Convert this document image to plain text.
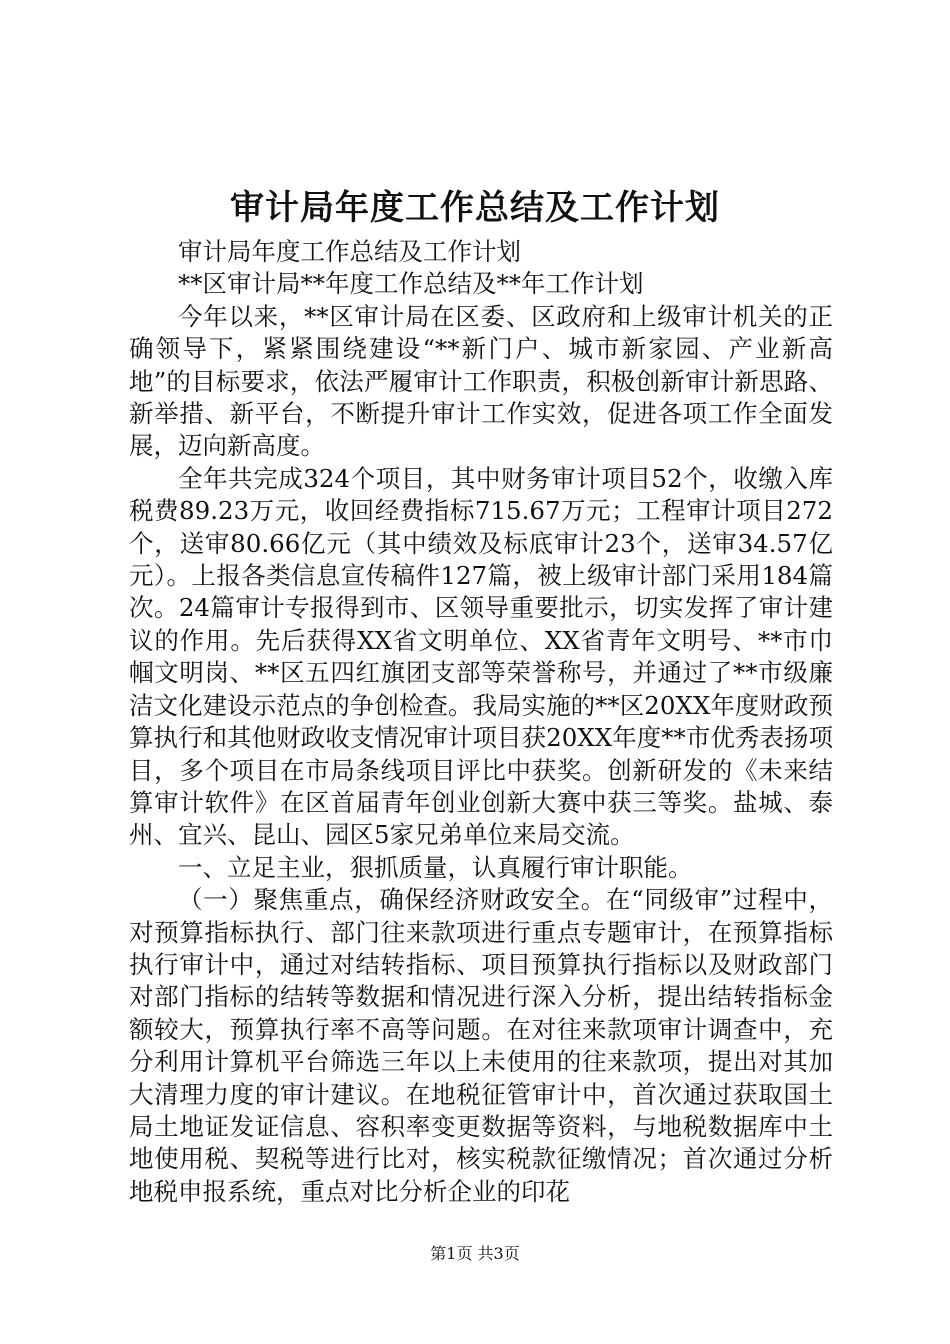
审计局年度工作总结及工作计划

审计局年度工作总结及工作计划

**区审计局**年度工作总结及**年工作计划

今年以来，**区审计局在区委、区政府和上级审计机关的正确领导下，紧紧围绕建设“**新门户、城市新家园、产业新高地”的目标要求，依法严履审计工作职责，积极创新审计新思路、新举措、新平台，不断提升审计工作实效，促进各项工作全面发展，迈向新高度。

全年共完成324个项目，其中财务审计项目52个，收缴入库税费89.23万元，收回经费指标715.67万元；工程审计项目272个，送审80.66亿元（其中绩效及标底审计23个，送审34.57亿元）。上报各类信息宣传稿件127篇，被上级审计部门采用184篇次。24篇审计专报得到市、区领导重要批示，切实发挥了审计建议的作用。先后获得XX省文明单位、XX省青年文明号、**市巾帼文明岗、**区五四红旗团支部等荣誉称号，并通过了**市级廉洁文化建设示范点的争创检查。我局实施的**区20XX年度财政预算执行和其他财政收支情况审计项目获20XX年度**市优秀表扬项目，多个项目在市局条线项目评比中获奖。创新研发的《未来结算审计软件》在区首届青年创业创新大赛中获三等奖。盐城、泰州、宜兴、昆山、园区5家兄弟单位来局交流。

一、立足主业，狠抓质量，认真履行审计职能。

（一）聚焦重点，确保经济财政安全。在“同级审”过程中，对预算指标执行、部门往来款项进行重点专题审计，在预算指标执行审计中，通过对结转指标、项目预算执行指标以及财政部门对部门指标的结转等数据和情况进行深入分析，提出结转指标金额较大，预算执行率不高等问题。在对往来款项审计调查中，充分利用计算机平台筛选三年以上未使用的往来款项，提出对其加大清理力度的审计建议。在地税征管审计中，首次通过获取国土局土地证发证信息、容积率变更数据等资料，与地税数据库中土地使用税、契税等进行比对，核实税款征缴情况；首次通过分析地税申报系统，重点对比分析企业的印花

第1页 共3页
